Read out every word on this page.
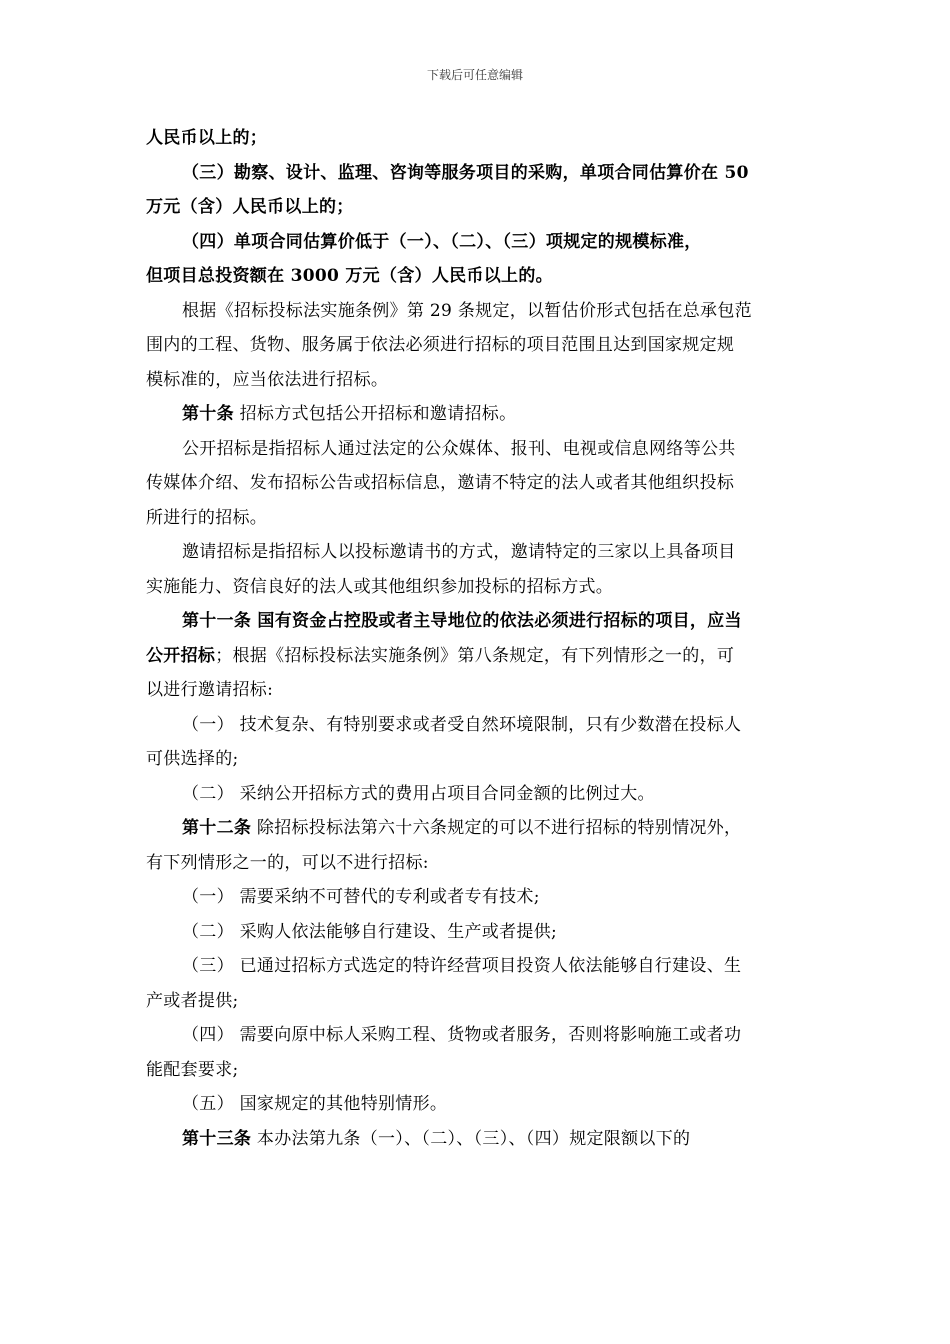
下载后可任意编辑
人民币以上的；
（三）勘察、设计、监理、咨询等服务项目的采购，单项合同估算价在 50
万元（含）人民币以上的；
（四）单项合同估算价低于（一）、（二）、（三）项规定的规模标准，
但项目总投资额在 3000 万元（含）人民币以上的。
根据《招标投标法实施条例》第 29 条规定，以暂估价形式包括在总承包范
围内的工程、货物、服务属于依法必须进行招标的项目范围且达到国家规定规
模标准的，应当依法进行招标。
第十条 招标方式包括公开招标和邀请招标。
公开招标是指招标人通过法定的公众媒体、报刊、电视或信息网络等公共
传媒体介绍、发布招标公告或招标信息，邀请不特定的法人或者其他组织投标
所进行的招标。
邀请招标是指招标人以投标邀请书的方式，邀请特定的三家以上具备项目
实施能力、资信良好的法人或其他组织参加投标的招标方式。
第十一条 国有资金占控股或者主导地位的依法必须进行招标的项目，应当
公开招标；根据《招标投标法实施条例》第八条规定，有下列情形之一的，可
以进行邀请招标:
（一） 技术复杂、有特别要求或者受自然环境限制，只有少数潜在投标人
可供选择的;
（二） 采纳公开招标方式的费用占项目合同金额的比例过大。
第十二条 除招标投标法第六十六条规定的可以不进行招标的特别情况外，
有下列情形之一的，可以不进行招标:
（一） 需要采纳不可替代的专利或者专有技术;
（二） 采购人依法能够自行建设、生产或者提供;
（三） 已通过招标方式选定的特许经营项目投资人依法能够自行建设、生
产或者提供;
（四） 需要向原中标人采购工程、货物或者服务，否则将影响施工或者功
能配套要求;
（五） 国家规定的其他特别情形。
第十三条 本办法第九条（一）、（二）、（三）、（四）规定限额以下的
